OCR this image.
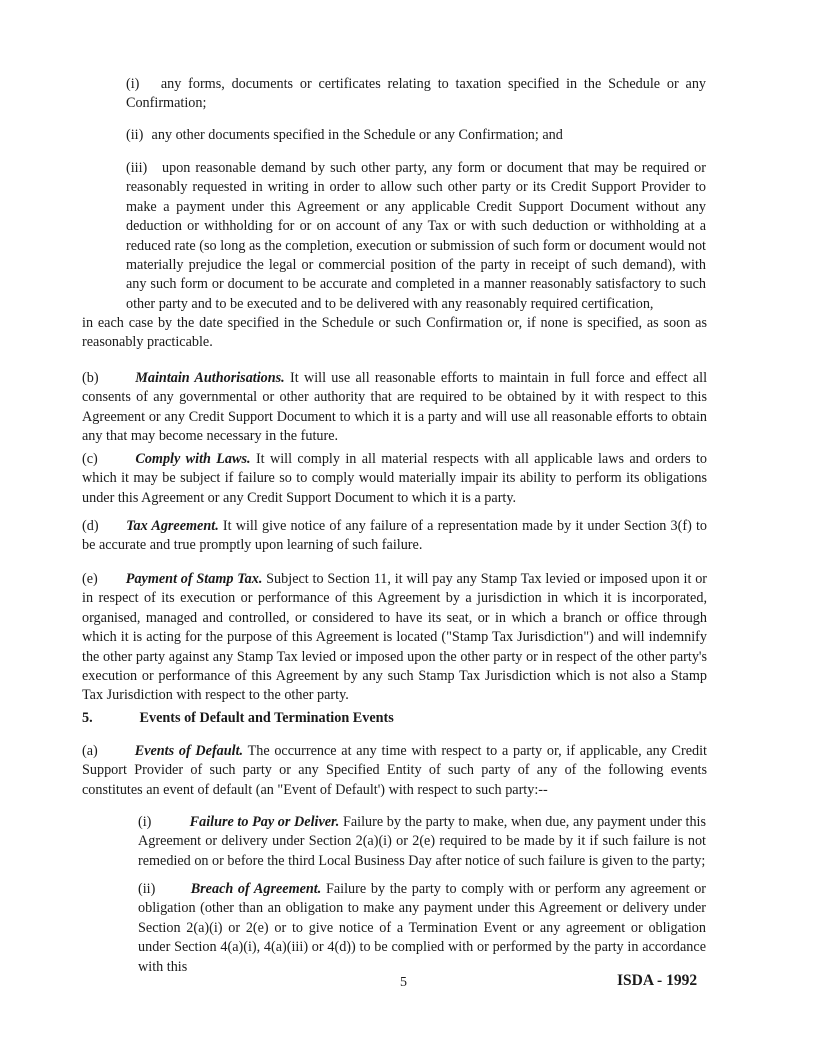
(i) any forms, documents or certificates relating to taxation specified in the Schedule or any Confirmation;

(ii) any other documents specified in the Schedule or any Confirmation; and

(iii) upon reasonable demand by such other party, any form or document that may be required or reasonably requested in writing in order to allow such other party or its Credit Support Provider to make a payment under this Agreement or any applicable Credit Support Document without any deduction or withholding for or on account of any Tax or with such deduction or withholding at a reduced rate (so long as the completion, execution or submission of such form or document would not materially prejudice the legal or commercial position of the party in receipt of such demand), with any such form or document to be accurate and completed in a manner reasonably satisfactory to such other party and to be executed and to be delivered with any reasonably required certification,

in each case by the date specified in the Schedule or such Confirmation or, if none is specified, as soon as reasonably practicable.

(b)	Maintain Authorisations. It will use all reasonable efforts to maintain in full force and effect all consents of any governmental or other authority that are required to be obtained by it with respect to this Agreement or any Credit Support Document to which it is a party and will use all reasonable efforts to obtain any that may become necessary in the future.

(c)	Comply with Laws. It will comply in all material respects with all applicable laws and orders to which it may be subject if failure so to comply would materially impair its ability to perform its obligations under this Agreement or any Credit Support Document to which it is a party.

(d) Tax Agreement. It will give notice of any failure of a representation made by it under Section 3(f) to be accurate and true promptly upon learning of such failure.

(e) Payment of Stamp Tax. Subject to Section 11, it will pay any Stamp Tax levied or imposed upon it or in respect of its execution or performance of this Agreement by a jurisdiction in which it is incorporated, organised, managed and controlled, or considered to have its seat, or in which a branch or office through which it is acting for the purpose of this Agreement is located ("Stamp Tax Jurisdiction") and will indemnify the other party against any Stamp Tax levied or imposed upon the other party or in respect of the other party's execution or performance of this Agreement by any such Stamp Tax Jurisdiction which is not also a Stamp Tax Jurisdiction with respect to the other party.

5.	Events of Default and Termination Events

(a)	Events of Default. The occurrence at any time with respect to a party or, if applicable, any Credit Support Provider of such party or any Specified Entity of such party of any of the following events constitutes an event of default (an "Event of Default') with respect to such party:--

(i)	Failure to Pay or Deliver. Failure by the party to make, when due, any payment under this Agreement or delivery under Section 2(a)(i) or 2(e) required to be made by it if such failure is not remedied on or before the third Local Business Day after notice of such failure is given to the party;

(ii) Breach of Agreement. Failure by the party to comply with or perform any agreement or obligation (other than an obligation to make any payment under this Agreement or delivery under Section 2(a)(i) or 2(e) or to give notice of a Termination Event or any agreement or obligation under Section 4(a)(i), 4(a)(iii) or 4(d)) to be complied with or performed by the party in accordance with this

5	ISDA - 1992
